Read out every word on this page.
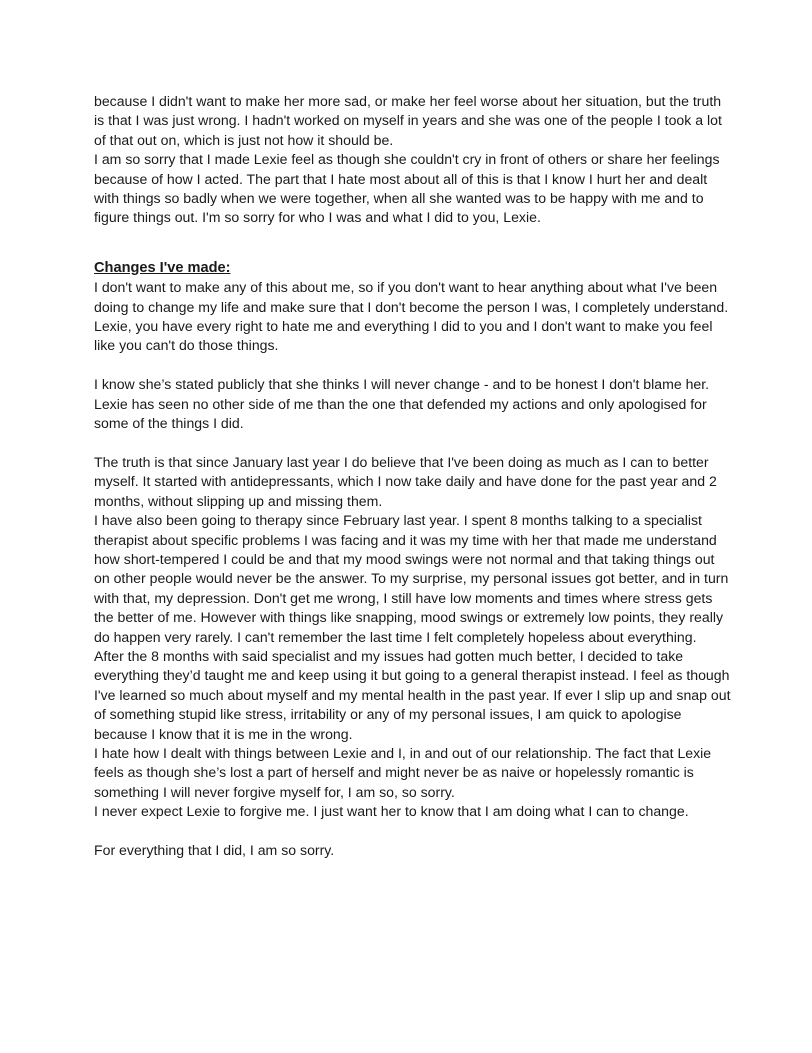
because I didn't want to make her more sad, or make her feel worse about her situation, but the truth is that I was just wrong. I hadn't worked on myself in years and she was one of the people I took a lot of that out on, which is just not how it should be.

I am so sorry that I made Lexie feel as though she couldn't cry in front of others or share her feelings because of how I acted. The part that I hate most about all of this is that I know I hurt her and dealt with things so badly when we were together, when all she wanted was to be happy with me and to figure things out. I'm so sorry for who I was and what I did to you, Lexie.

Changes I've made:

I don't want to make any of this about me, so if you don't want to hear anything about what I've been doing to change my life and make sure that I don't become the person I was, I completely understand. Lexie, you have every right to hate me and everything I did to you and I don't want to make you feel like you can't do those things.

I know she’s stated publicly that she thinks I will never change - and to be honest I don't blame her. Lexie has seen no other side of me than the one that defended my actions and only apologised for some of the things I did.

The truth is that since January last year I do believe that I've been doing as much as I can to better myself. It started with antidepressants, which I now take daily and have done for the past year and 2 months, without slipping up and missing them.

I have also been going to therapy since February last year. I spent 8 months talking to a specialist therapist about specific problems I was facing and it was my time with her that made me understand how short-tempered I could be and that my mood swings were not normal and that taking things out on other people would never be the answer. To my surprise, my personal issues got better, and in turn with that, my depression. Don't get me wrong, I still have low moments and times where stress gets the better of me. However with things like snapping, mood swings or extremely low points, they really do happen very rarely. I can't remember the last time I felt completely hopeless about everything.

After the 8 months with said specialist and my issues had gotten much better, I decided to take everything they’d taught me and keep using it but going to a general therapist instead. I feel as though I've learned so much about myself and my mental health in the past year. If ever I slip up and snap out of something stupid like stress, irritability or any of my personal issues, I am quick to apologise because I know that it is me in the wrong.

I hate how I dealt with things between Lexie and I, in and out of our relationship. The fact that Lexie feels as though she’s lost a part of herself and might never be as naive or hopelessly romantic is something I will never forgive myself for, I am so, so sorry.

I never expect Lexie to forgive me. I just want her to know that I am doing what I can to change.

For everything that I did, I am so sorry.
